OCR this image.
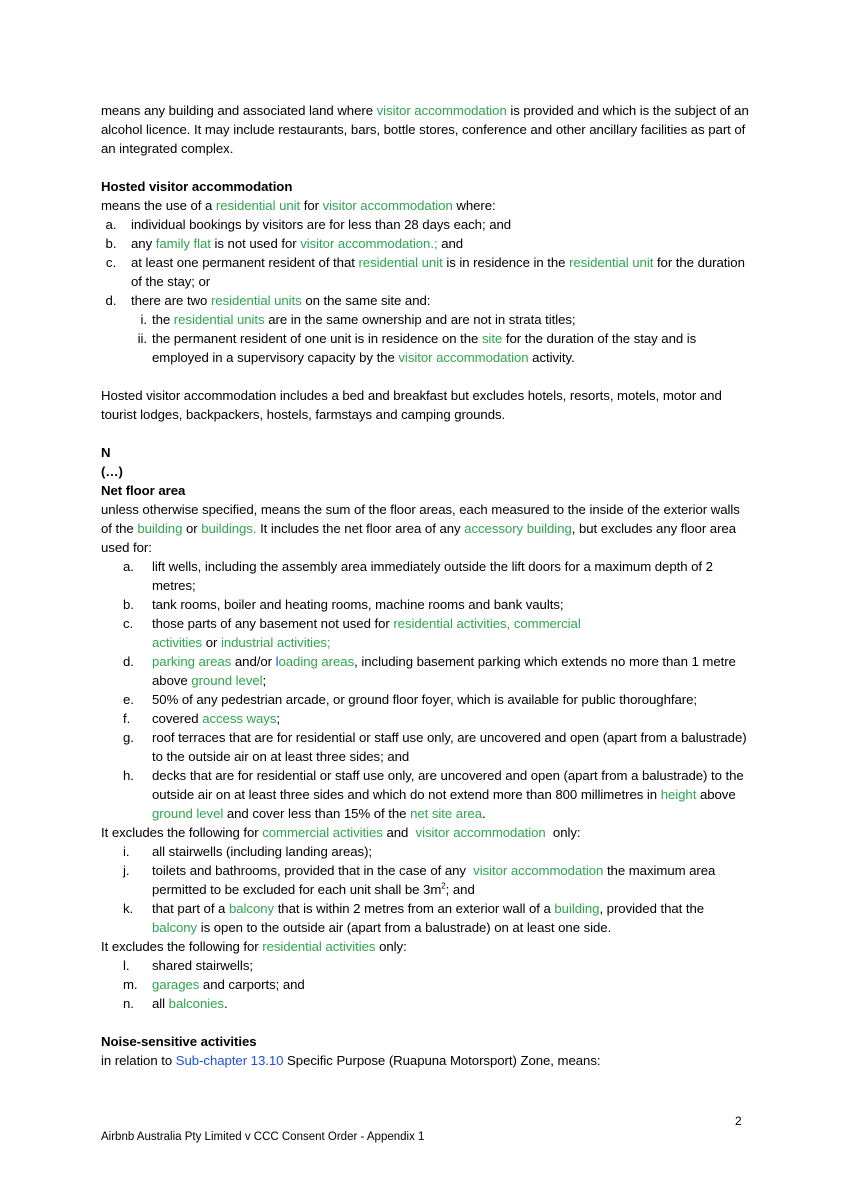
means any building and associated land where visitor accommodation is provided and which is the subject of an alcohol licence. It may include restaurants, bars, bottle stores, conference and other ancillary facilities as part of an integrated complex.

Hosted visitor accommodation

means the use of a residential unit for visitor accommodation where:

a.	individual bookings by visitors are for less than 28 days each; and
b.	any family flat is not used for visitor accommodation.; and
c.	at least one permanent resident of that residential unit is in residence in the residential unit for the duration of the stay; or
d.	there are two residential units on the same site and:
i. the residential units are in the same ownership and are not in strata titles;
ii. the permanent resident of one unit is in residence on the site for the duration of the stay and is employed in a supervisory capacity by the visitor accommodation activity.

Hosted visitor accommodation includes a bed and breakfast but excludes hotels, resorts, motels, motor and tourist lodges, backpackers, hostels, farmstays and camping grounds.

N

(…)

Net floor area

unless otherwise specified, means the sum of the floor areas, each measured to the inside of the exterior walls of the building or buildings. It includes the net floor area of any accessory building, but excludes any floor area used for:

a.	lift wells, including the assembly area immediately outside the lift doors for a maximum depth of 2 metres;
b.	tank rooms, boiler and heating rooms, machine rooms and bank vaults;
c.	those parts of any basement not used for residential activities, commercial
activities or industrial activities;
d.	parking areas and/or loading areas, including basement parking which extends no more than 1 metre above ground level;
e.	50% of any pedestrian arcade, or ground floor foyer, which is available for public thoroughfare;
f.	covered access ways;
g.	roof terraces that are for residential or staff use only, are uncovered and open (apart from a balustrade) to the outside air on at least three sides; and
h.	decks that are for residential or staff use only, are uncovered and open (apart from a balustrade) to the outside air on at least three sides and which do not extend more than 800 millimetres in height above ground level and cover less than 15% of the net site area.

It excludes the following for commercial activities and  visitor accommodation  only:

i.	all stairwells (including landing areas);
j.	toilets and bathrooms, provided that in the case of any  visitor accommodation the maximum area permitted to be excluded for each unit shall be $3m^2$; and
k.	that part of a balcony that is within 2 metres from an exterior wall of a building, provided that the balcony is open to the outside air (apart from a balustrade) on at least one side.

It excludes the following for residential activities only:

l.	shared stairwells;
m.	garages and carports; and
n.	all balconies.

Noise-sensitive activities

in relation to Sub-chapter 13.10 Specific Purpose (Ruapuna Motorsport) Zone, means:

2
Airbnb Australia Pty Limited v CCC Consent Order - Appendix 1
